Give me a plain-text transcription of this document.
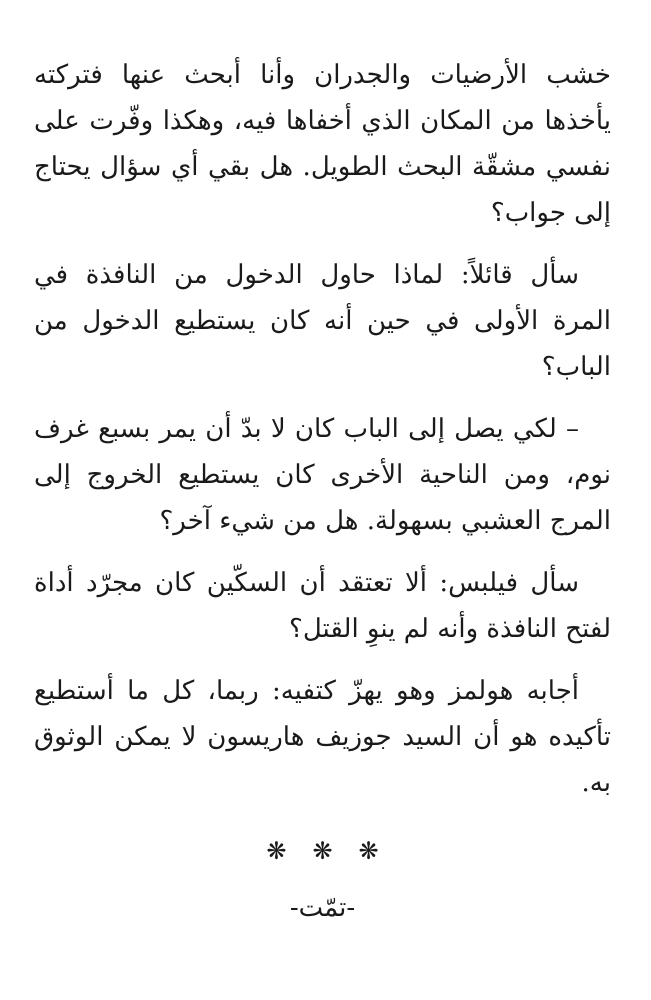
خشب الأرضيات والجدران وأنا أبحث عنها فتركته يأخذها من المكان الذي أخفاها فيه، وهكذا وفّرت على نفسي مشقّة البحث الطويل. هل بقي أي سؤال يحتاج إلى جواب؟

سأل قائلاً: لماذا حاول الدخول من النافذة في المرة الأولى في حين أنه كان يستطيع الدخول من الباب؟

– لكي يصل إلى الباب كان لا بدّ أن يمر بسبع غرف نوم، ومن الناحية الأخرى كان يستطيع الخروج إلى المرج العشبي بسهولة. هل من شيء آخر؟

سأل فيلبس: ألا تعتقد أن السكّين كان مجرّد أداة لفتح النافذة وأنه لم ينوِ القتل؟

أجابه هولمز وهو يهزّ كتفيه: ربما، كل ما أستطيع تأكيده هو أن السيد جوزيف هاريسون لا يمكن الوثوق به.

❋ ❋ ❋
-تمّت-
